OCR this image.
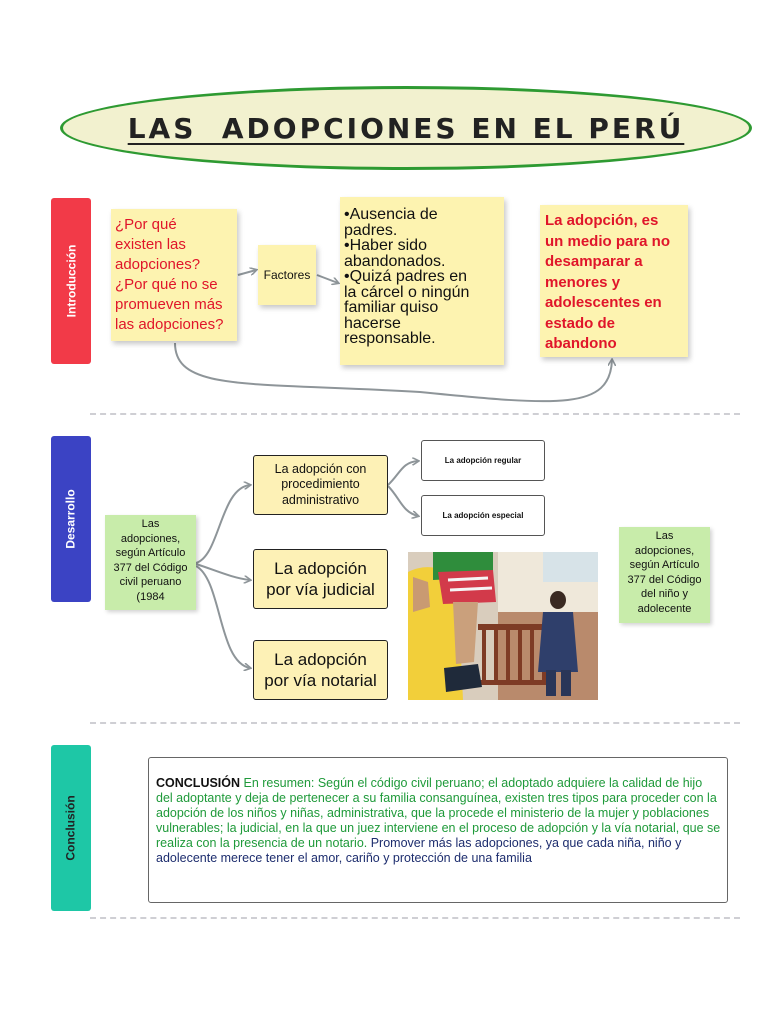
LAS  ADOPCIONES EN EL PERÚ
Introducción
Desarrollo
Conclusión
¿Por qué
existen las
adopciones?
¿Por qué no se
promueven más
las adopciones?
Factores
•Ausencia de
padres.
•Haber sido
abandonados.
•Quizá padres en
la cárcel o ningún
familiar quiso
hacerse
responsable.
La adopción, es
un medio para no
desamparar a
menores y
adolescentes en
estado de
abandono
Las
adopciones,
según Artículo
377 del Código
civil peruano
(1984
La adopción con
procedimiento
administrativo
La adopción regular
La adopción especial
La adopción
por vía judicial
La adopción
por vía notarial
Las
adopciones,
según Artículo
377 del Código
del niño y
adolecente
CONCLUSIÓN En resumen: Según el código civil peruano; el adoptado adquiere la calidad de hijo del adoptante y deja de pertenecer a su familia consanguínea, existen tres tipos para proceder con la adopción de los niños y niñas, administrativa, que la procede el ministerio de la mujer y poblaciones vulnerables; la judicial, en la que un juez interviene en el proceso de adopción y la vía notarial, que se realiza con la presencia de un notario. Promover más las adopciones, ya que cada niña, niño y adolecente merece tener el amor, cariño y protección de una familia
